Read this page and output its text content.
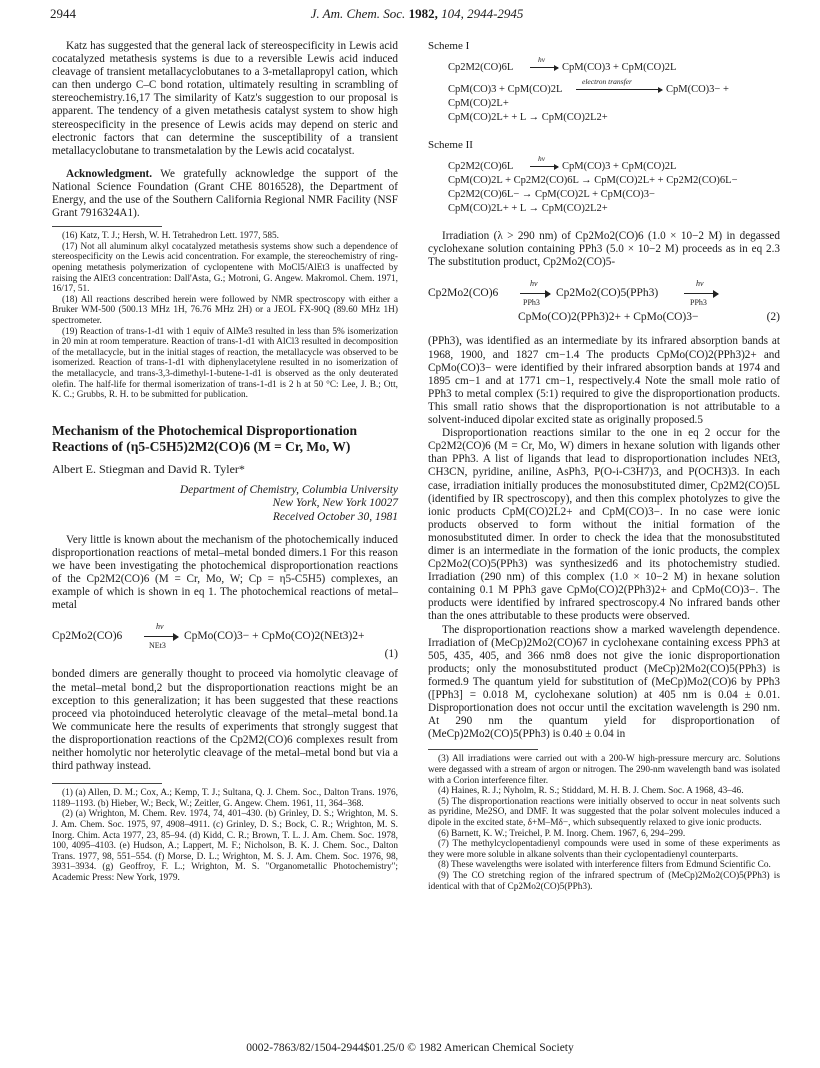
2944	J. Am. Chem. Soc. 1982, 104, 2944-2945

Katz has suggested that the general lack of stereospecificity in Lewis acid cocatalyzed metathesis systems is due to a reversible Lewis acid induced cleavage of transient metallacyclobutanes to a 3-metallapropyl cation, which can then undergo C–C bond rotation, ultimately resulting in scrambling of stereochemistry.16,17 The similarity of Katz's suggestion to our proposal is apparent. The tendency of a given metathesis catalyst system to show high stereospecificity in the presence of Lewis acids may depend on steric and electronic factors that can determine the susceptibility of a transient metallacyclobutane to transmetalation by the Lewis acid cocatalyst.

Acknowledgment. We gratefully acknowledge the support of the National Science Foundation (Grant CHE 8016528), the Department of Energy, and the use of the Southern California Regional NMR Facility (NSF Grant 7916324A1).

(16) Katz, T. J.; Hersh, W. H. Tetrahedron Lett. 1977, 585.

(17) Not all aluminum alkyl cocatalyzed metathesis systems show such a dependence of stereospecificity on the Lewis acid concentration. For example, the stereochemistry of ring-opening metathesis polymerization of cyclopentene with MoCl5/AlEt3 is unaffected by raising the AlEt3 concentration: Dall'Asta, G.; Motroni, G. Angew. Makromol. Chem. 1971, 16/17, 51.

(18) All reactions described herein were followed by NMR spectroscopy with either a Bruker WM-500 (500.13 MHz 1H, 76.76 MHz 2H) or a JEOL FX-90Q (89.60 MHz 1H) spectrometer.

(19) Reaction of trans-1-d1 with 1 equiv of AlMe3 resulted in less than 5% isomerization in 20 min at room temperature. Reaction of trans-1-d1 with AlCl3 resulted in decomposition of the metallacycle, but in the initial stages of reaction, the metallacycle was observed to be isomerized. Reaction of trans-1-d1 with diphenylacetylene resulted in no isomerization of the metallacycle, and trans-3,3-dimethyl-1-butene-1-d1 is observed as the only deuterated olefin. The half-life for thermal isomerization of trans-1-d1 is 2 h at 50 °C: Lee, J. B.; Ott, K. C.; Grubbs, R. H. to be submitted for publication.

Mechanism of the Photochemical Disproportionation Reactions of (η5-C5H5)2M2(CO)6 (M = Cr, Mo, W)

Albert E. Stiegman and David R. Tyler*

Department of Chemistry, Columbia University

New York, New York 10027

Received October 30, 1981

Very little is known about the mechanism of the photochemically induced disproportionation reactions of metal–metal bonded dimers.1 For this reason we have been investigating the photochemical disproportionation reactions of the Cp2M2(CO)6 (M = Cr, Mo, W; Cp = η5-C5H5) complexes, an example of which is shown in eq 1. The photochemical reactions of metal–metal

Cp2Mo2(CO)6
hν
NEt3
CpMo(CO)3− + CpMo(CO)2(NEt3)2+
(1)

bonded dimers are generally thought to proceed via homolytic cleavage of the metal–metal bond,2 but the disproportionation reactions might be an exception to this generalization; it has been suggested that these reactions proceed via photoinduced heterolytic cleavage of the metal–metal bond.1a We communicate here the results of experiments that strongly suggest that the disproportionation reactions of the Cp2M2(CO)6 complexes result from neither homolytic nor heterolytic cleavage of the metal–metal bond but via a third pathway instead.

(1) (a) Allen, D. M.; Cox, A.; Kemp, T. J.; Sultana, Q. J. Chem. Soc., Dalton Trans. 1976, 1189–1193. (b) Hieber, W.; Beck, W.; Zeitler, G. Angew. Chem. 1961, 11, 364–368.

(2) (a) Wrighton, M. Chem. Rev. 1974, 74, 401–430. (b) Grinley, D. S.; Wrighton, M. S. J. Am. Chem. Soc. 1975, 97, 4908–4911. (c) Grinley, D. S.; Bock, C. R.; Wrighton, M. S. Inorg. Chim. Acta 1977, 23, 85–94. (d) Kidd, C. R.; Brown, T. L. J. Am. Chem. Soc. 1978, 100, 4095–4103. (e) Hudson, A.; Lappert, M. F.; Nicholson, B. K. J. Chem. Soc., Dalton Trans. 1977, 98, 551–554. (f) Morse, D. L.; Wrighton, M. S. J. Am. Chem. Soc. 1976, 98, 3931–3934. (g) Geoffroy, F. L.; Wrighton, M. S. "Organometallic Photochemistry"; Academic Press: New York, 1979.

Scheme I

Cp2M2(CO)6L
hν
CpM(CO)3 + CpM(CO)2L
CpM(CO)3 + CpM(CO)2L
electron transfer
CpM(CO)3− +
CpM(CO)2L+
CpM(CO)2L+ + L → CpM(CO)2L2+

Scheme II

Cp2M2(CO)6L
hν
CpM(CO)3 + CpM(CO)2L
CpM(CO)2L + Cp2M2(CO)6L → CpM(CO)2L+ + Cp2M2(CO)6L−
Cp2M2(CO)6L− → CpM(CO)2L + CpM(CO)3−
CpM(CO)2L+ + L → CpM(CO)2L2+

Irradiation (λ > 290 nm) of Cp2Mo2(CO)6 (1.0 × 10−2 M) in degassed cyclohexane solution containing PPh3 (5.0 × 10−2 M) proceeds as in eq 2.3 The substitution product, Cp2Mo2(CO)5-

Cp2Mo2(CO)6
hν
PPh3
Cp2Mo2(CO)5(PPh3)
hν
PPh3
CpMo(CO)2(PPh3)2+ + CpMo(CO)3−	(2)

(PPh3), was identified as an intermediate by its infrared absorption bands at 1968, 1900, and 1827 cm−1.4 The products CpMo(CO)2(PPh3)2+ and CpMo(CO)3− were identified by their infrared absorption bands at 1974 and 1895 cm−1 and at 1771 cm−1, respectively.4 Note the small mole ratio of PPh3 to metal complex (5:1) required to give the disproportionation products. This small ratio shows that the disproportionation is not attributable to a solvent-induced dipolar excited state as originally proposed.5

Disproportionation reactions similar to the one in eq 2 occur for the Cp2M2(CO)6 (M = Cr, Mo, W) dimers in hexane solution with ligands other than PPh3. A list of ligands that lead to disproportionation includes NEt3, CH3CN, pyridine, aniline, AsPh3, P(O-i-C3H7)3, and P(OCH3)3. In each case, irradiation initially produces the monosubstituted dimer, Cp2M2(CO)5L (identified by IR spectroscopy), and then this complex photolyzes to give the ionic products CpM(CO)2L2+ and CpM(CO)3−. In no case were ionic products observed to form without the initial formation of the monosubstituted dimer. In order to check the idea that the monosubstituted dimer is an intermediate in the formation of the ionic products, the complex Cp2Mo2(CO)5(PPh3) was synthesized6 and its photochemistry studied. Irradiation (290 nm) of this complex (1.0 × 10−2 M) in hexane solution containing 0.1 M PPh3 gave CpMo(CO)2(PPh3)2+ and CpMo(CO)3−. The products were identified by infrared spectroscopy.4 No infrared bands other than the ones attributable to these products were observed.

The disproportionation reactions show a marked wavelength dependence. Irradiation of (MeCp)2Mo2(CO)67 in cyclohexane containing excess PPh3 at 505, 435, 405, and 366 nm8 does not give the ionic disproportionation products; only the monosubstituted product (MeCp)2Mo2(CO)5(PPh3) is formed.9 The quantum yield for substitution of (MeCp)Mo2(CO)6 by PPh3 ([PPh3] = 0.018 M, cyclohexane solution) at 405 nm is 0.04 ± 0.01. Disproportionation does not occur until the excitation wavelength is 290 nm. At 290 nm the quantum yield for disproportionation of (MeCp)2Mo2(CO)5(PPh3) is 0.40 ± 0.04 in

(3) All irradiations were carried out with a 200-W high-pressure mercury arc. Solutions were degassed with a stream of argon or nitrogen. The 290-nm wavelength band was isolated with a Corion interference filter.

(4) Haines, R. J.; Nyholm, R. S.; Stiddard, M. H. B. J. Chem. Soc. A 1968, 43–46.

(5) The disproportionation reactions were initially observed to occur in neat solvents such as pyridine, Me2SO, and DMF. It was suggested that the polar solvent molecules induced a dipole in the excited state, δ+M–Mδ−, which subsequently relaxed to give ionic products.

(6) Barnett, K. W.; Treichel, P. M. Inorg. Chem. 1967, 6, 294–299.

(7) The methylcyclopentadienyl compounds were used in some of these experiments as they were more soluble in alkane solvents than their cyclopentadienyl counterparts.

(8) These wavelengths were isolated with interference filters from Edmund Scientific Co.

(9) The CO stretching region of the infrared spectrum of (MeCp)2Mo2(CO)5(PPh3) is identical with that of Cp2Mo2(CO)5(PPh3).

0002-7863/82/1504-2944$01.25/0 © 1982 American Chemical Society
